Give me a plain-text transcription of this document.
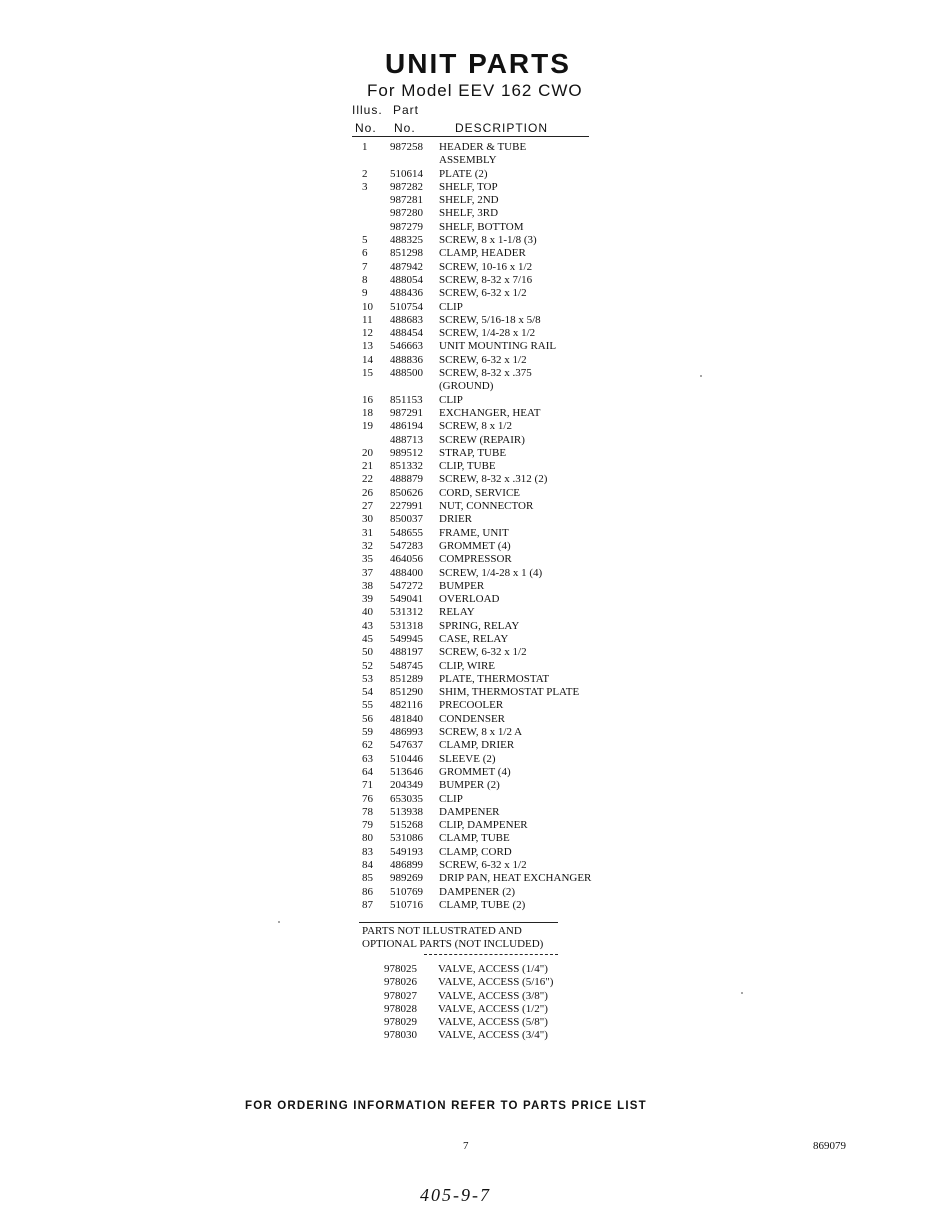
UNIT PARTS
For Model EEV 162 CWO
Illus. Part
No. No.	DESCRIPTION
1	987258	HEADER & TUBE
		ASSEMBLY
2	510614	PLATE (2)
3	987282	SHELF, TOP
	987281	SHELF, 2ND
	987280	SHELF, 3RD
	987279	SHELF, BOTTOM
5	488325	SCREW, 8 x 1-1/8 (3)
6	851298	CLAMP, HEADER
7	487942	SCREW, 10-16 x 1/2
8	488054	SCREW, 8-32 x 7/16
9	488436	SCREW, 6-32 x 1/2
10	510754	CLIP
11	488683	SCREW, 5/16-18 x 5/8
12	488454	SCREW, 1/4-28 x 1/2
13	546663	UNIT MOUNTING RAIL
14	488836	SCREW, 6-32 x 1/2
15	488500	SCREW, 8-32 x .375
		(GROUND)
16	851153	CLIP
18	987291	EXCHANGER, HEAT
19	486194	SCREW, 8 x 1/2
	488713	SCREW (REPAIR)
20	989512	STRAP, TUBE
21	851332	CLIP, TUBE
22	488879	SCREW, 8-32 x .312 (2)
26	850626	CORD, SERVICE
27	227991	NUT, CONNECTOR
30	850037	DRIER
31	548655	FRAME, UNIT
32	547283	GROMMET (4)
35	464056	COMPRESSOR
37	488400	SCREW, 1/4-28 x 1 (4)
38	547272	BUMPER
39	549041	OVERLOAD
40	531312	RELAY
43	531318	SPRING, RELAY
45	549945	CASE, RELAY
50	488197	SCREW, 6-32 x 1/2
52	548745	CLIP, WIRE
53	851289	PLATE, THERMOSTAT
54	851290	SHIM, THERMOSTAT PLATE
55	482116	PRECOOLER
56	481840	CONDENSER
59	486993	SCREW, 8 x 1/2 A
62	547637	CLAMP, DRIER
63	510446	SLEEVE (2)
64	513646	GROMMET (4)
71	204349	BUMPER (2)
76	653035	CLIP
78	513938	DAMPENER
79	515268	CLIP, DAMPENER
80	531086	CLAMP, TUBE
83	549193	CLAMP, CORD
84	486899	SCREW, 6-32 x 1/2
85	989269	DRIP PAN, HEAT EXCHANGER
86	510769	DAMPENER (2)
87	510716	CLAMP, TUBE (2)
PARTS NOT ILLUSTRATED AND
OPTIONAL PARTS (NOT INCLUDED)
978025	VALVE, ACCESS (1/4")
978026	VALVE, ACCESS (5/16")
978027	VALVE, ACCESS (3/8")
978028	VALVE, ACCESS (1/2")
978029	VALVE, ACCESS (5/8")
978030	VALVE, ACCESS (3/4")
FOR ORDERING INFORMATION REFER TO PARTS PRICE LIST
7	869079
405-9-7
